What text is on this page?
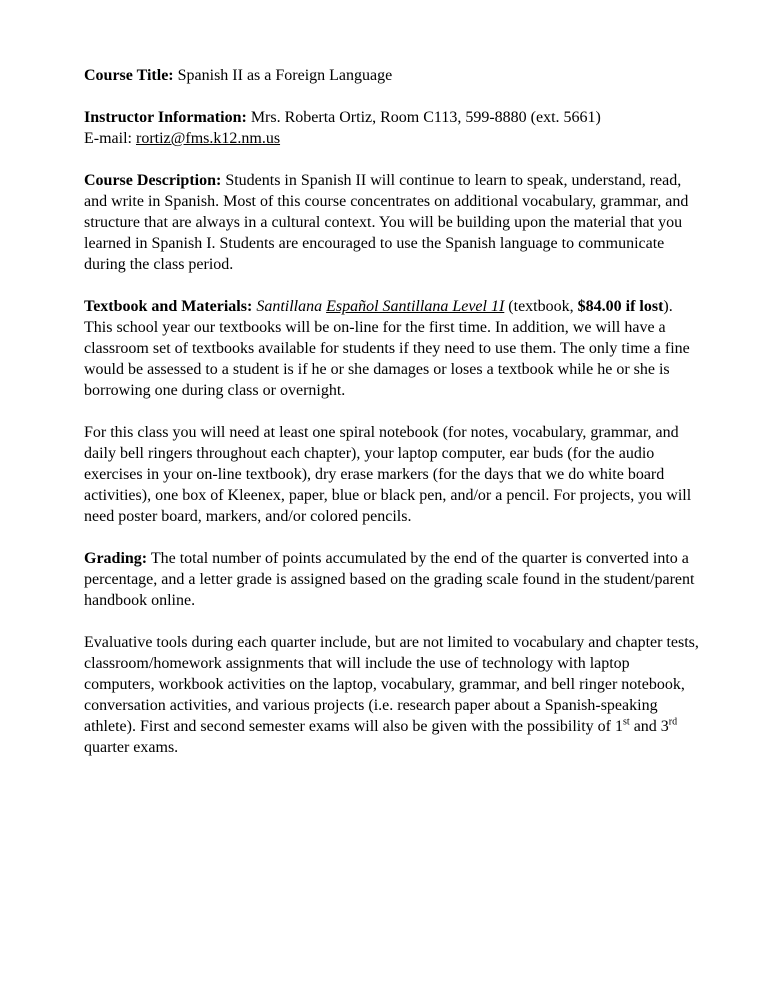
Course Title: Spanish II as a Foreign Language

Instructor Information: Mrs. Roberta Ortiz, Room C113, 599-8880 (ext. 5661)
E-mail: rortiz@fms.k12.nm.us

Course Description: Students in Spanish II will continue to learn to speak, understand, read, and write in Spanish. Most of this course concentrates on additional vocabulary, grammar, and structure that are always in a cultural context. You will be building upon the material that you learned in Spanish I. Students are encouraged to use the Spanish language to communicate during the class period.

Textbook and Materials: Santillana Español Santillana Level 1I (textbook, $84.00 if lost). This school year our textbooks will be on-line for the first time. In addition, we will have a classroom set of textbooks available for students if they need to use them. The only time a fine would be assessed to a student is if he or she damages or loses a textbook while he or she is borrowing one during class or overnight.

For this class you will need at least one spiral notebook (for notes, vocabulary, grammar, and daily bell ringers throughout each chapter), your laptop computer, ear buds (for the audio exercises in your on-line textbook), dry erase markers (for the days that we do white board activities), one box of Kleenex, paper, blue or black pen, and/or a pencil. For projects, you will need poster board, markers, and/or colored pencils.

Grading: The total number of points accumulated by the end of the quarter is converted into a percentage, and a letter grade is assigned based on the grading scale found in the student/parent handbook online.

Evaluative tools during each quarter include, but are not limited to vocabulary and chapter tests, classroom/homework assignments that will include the use of technology with laptop computers, workbook activities on the laptop, vocabulary, grammar, and bell ringer notebook, conversation activities, and various projects (i.e. research paper about a Spanish-speaking athlete). First and second semester exams will also be given with the possibility of 1st and 3rd quarter exams.
